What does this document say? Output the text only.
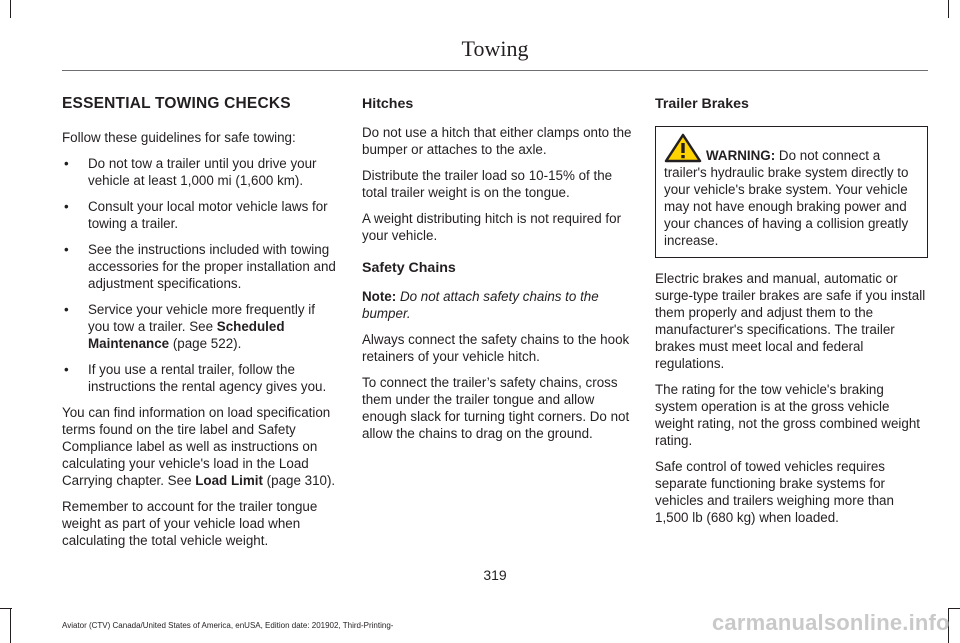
Towing
ESSENTIAL TOWING CHECKS

Follow these guidelines for safe towing:

• Do not tow a trailer until you drive your vehicle at least 1,000 mi (1,600 km).
• Consult your local motor vehicle laws for towing a trailer.
• See the instructions included with towing accessories for the proper installation and adjustment specifications.
• Service your vehicle more frequently if you tow a trailer. See Scheduled Maintenance (page 522).
• If you use a rental trailer, follow the instructions the rental agency gives you.

You can find information on load specification terms found on the tire label and Safety Compliance label as well as instructions on calculating your vehicle's load in the Load Carrying chapter. See Load Limit (page 310).

Remember to account for the trailer tongue weight as part of your vehicle load when calculating the total vehicle weight.

Hitches

Do not use a hitch that either clamps onto the bumper or attaches to the axle.

Distribute the trailer load so 10-15% of the total trailer weight is on the tongue.

A weight distributing hitch is not required for your vehicle.

Safety Chains

Note: Do not attach safety chains to the bumper.

Always connect the safety chains to the hook retainers of your vehicle hitch.

To connect the trailer’s safety chains, cross them under the trailer tongue and allow enough slack for turning tight corners. Do not allow the chains to drag on the ground.

Trailer Brakes
WARNING: Do not connect a trailer's hydraulic brake system directly to your vehicle's brake system. Your vehicle may not have enough braking power and your chances of having a collision greatly increase.

Electric brakes and manual, automatic or surge-type trailer brakes are safe if you install them properly and adjust them to the manufacturer's specifications. The trailer brakes must meet local and federal regulations.

The rating for the tow vehicle's braking system operation is at the gross vehicle weight rating, not the gross combined weight rating.

Safe control of towed vehicles requires separate functioning brake systems for vehicles and trailers weighing more than 1,500 lb (680 kg) when loaded.

319
Aviator (CTV) Canada/United States of America, enUSA, Edition date: 201902, Third-Printing-	carmanualsonline.info
